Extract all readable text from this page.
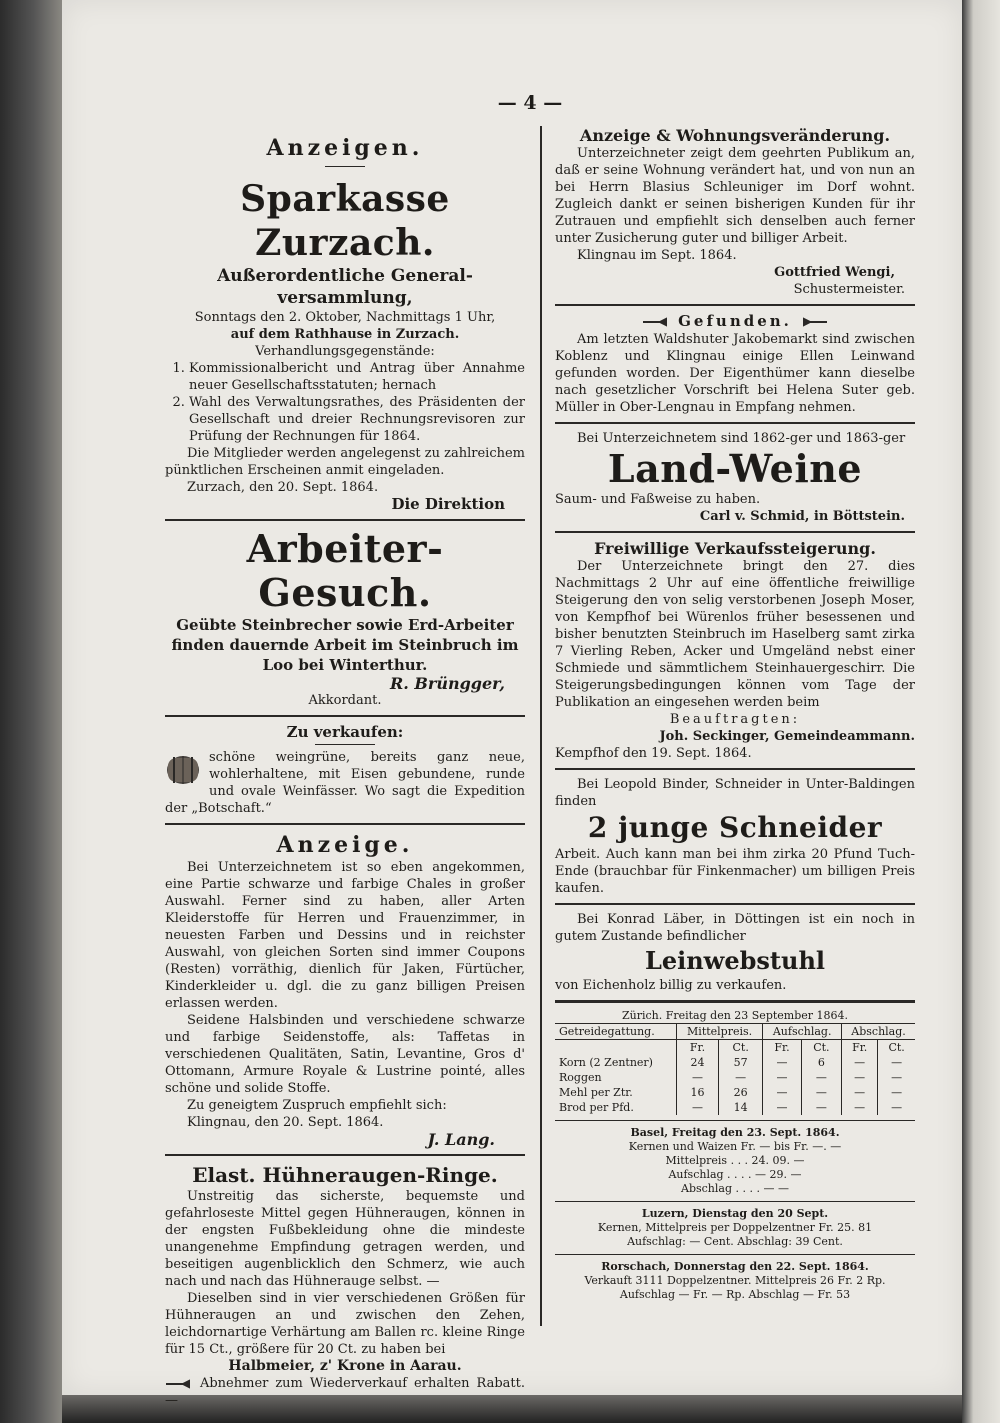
— 4 —
Anzeigen.
Sparkasse Zurzach.
Außerordentliche General-
versammlung,

Sonntags den 2. Oktober, Nachmittags 1 Uhr,

auf dem Rathhause in Zurzach.

Verhandlungsgegenstände:

1. Kommissionalbericht und Antrag über Annahme neuer Gesellschaftsstatuten; hernach
2. Wahl des Verwaltungsrathes, des Präsidenten der Gesellschaft und dreier Rechnungsrevisoren zur Prüfung der Rechnungen für 1864.

Die Mitglieder werden angelegenst zu zahlreichem pünktlichen Erscheinen anmit eingeladen.

Zurzach, den 20. Sept. 1864.

Die Direktion

Arbeiter-Gesuch.

Geübte Steinbrecher sowie Erd-Arbeiter finden dauernde Arbeit im Steinbruch im Loo bei Winterthur.

R. Brüngger,

Akkordant.

Zu verkaufen:

schöne weingrüne, bereits ganz neue, wohlerhaltene, mit Eisen gebundene, runde und ovale Weinfässer. Wo sagt die Expedition der „Botschaft.“

Anzeige.

Bei Unterzeichnetem ist so eben angekommen, eine Partie schwarze und farbige Chales in großer Auswahl. Ferner sind zu haben, aller Arten Kleiderstoffe für Herren und Frauenzimmer, in neuesten Farben und Dessins und in reichster Auswahl, von gleichen Sorten sind immer Coupons (Resten) vorräthig, dienlich für Jaken, Fürtücher, Kinderkleider u. dgl. die zu ganz billigen Preisen erlassen werden.

Seidene Halsbinden und verschiedene schwarze und farbige Seidenstoffe, als: Taffetas in verschiedenen Qualitäten, Satin, Levantine, Gros d' Ottomann, Armure Royale & Lustrine pointé, alles schöne und solide Stoffe.

Zu geneigtem Zuspruch empfiehlt sich:

Klingnau, den 20. Sept. 1864.

J. Lang.

Elast. Hühneraugen-Ringe.

Unstreitig das sicherste, bequemste und gefahrloseste Mittel gegen Hühneraugen, können in der engsten Fußbekleidung ohne die mindeste unangenehme Empfindung getragen werden, und beseitigen augenblicklich den Schmerz, wie auch nach und nach das Hühnerauge selbst. —

Dieselben sind in vier verschiedenen Größen für Hühneraugen an und zwischen den Zehen, leichdornartige Verhärtung am Ballen rc. kleine Ringe für 15 Ct., größere für 20 Ct. zu haben bei

Halbmeier, z' Krone in Aarau.

Abnehmer zum Wiederverkauf erhalten Rabatt. —

Anzeige & Wohnungsveränderung.

Unterzeichneter zeigt dem geehrten Publikum an, daß er seine Wohnung verändert hat, und von nun an bei Herrn Blasius Schleuniger im Dorf wohnt. Zugleich dankt er seinen bisherigen Kunden für ihr Zutrauen und empfiehlt sich denselben auch ferner unter Zusicherung guter und billiger Arbeit.

Klingnau im Sept. 1864.

Gottfried Wengi,

Schustermeister.

Gefunden.

Am letzten Waldshuter Jakobemarkt sind zwischen Koblenz und Klingnau einige Ellen Leinwand gefunden worden. Der Eigenthümer kann dieselbe nach gesetzlicher Vorschrift bei Helena Suter geb. Müller in Ober-Lengnau in Empfang nehmen.

Bei Unterzeichnetem sind 1862-ger und 1863-ger

Land-Weine

Saum- und Faßweise zu haben.

Carl v. Schmid, in Böttstein.

Freiwillige Verkaufssteigerung.

Der Unterzeichnete bringt den 27. dies Nachmittags 2 Uhr auf eine öffentliche freiwillige Steigerung den von selig verstorbenen Joseph Moser, von Kempfhof bei Würenlos früher besessenen und bisher benutzten Steinbruch im Haselberg samt zirka 7 Vierling Reben, Acker und Umgeländ nebst einer Schmiede und sämmtlichem Steinhauergeschirr. Die Steigerungsbedingungen können vom Tage der Publikation an eingesehen werden beim

Beauftragten:

Joh. Seckinger, Gemeindeammann.

Kempfhof den 19. Sept. 1864.

Bei Leopold Binder, Schneider in Unter-Baldingen finden

2 junge Schneider

Arbeit. Auch kann man bei ihm zirka 20 Pfund Tuch-Ende (brauchbar für Finkenmacher) um billigen Preis kaufen.

Bei Konrad Läber, in Döttingen ist ein noch in gutem Zustande befindlicher

Leinwebstuhl

von Eichenholz billig zu verkaufen.

Zürich. Freitag den 23 September 1864.

Getreidegattung.	Mittelpreis.		Aufschlag.		Abschlag.	
	Fr.	Ct.	Fr.	Ct.	Fr.	Ct.
Korn (2 Zentner)	24	57	—	6	—	—
Roggen	—	—	—	—	—	—
Mehl per Ztr.	16	26	—	—	—	—
Brod per Pfd.	—	14	—	—	—	—

Basel, Freitag den 23. Sept. 1864.

Kernen und Waizen Fr. — bis Fr. —. —

Mittelpreis . . . 24. 09. —

Aufschlag . . . . — 29. —

Abschlag . . . . — —

Luzern, Dienstag den 20 Sept.

Kernen, Mittelpreis per Doppelzentner Fr. 25. 81

Aufschlag: — Cent. Abschlag: 39 Cent.

Rorschach, Donnerstag den 22. Sept. 1864.

Verkauft 3111 Doppelzentner. Mittelpreis 26 Fr. 2 Rp.

Aufschlag — Fr. — Rp. Abschlag — Fr. 53
